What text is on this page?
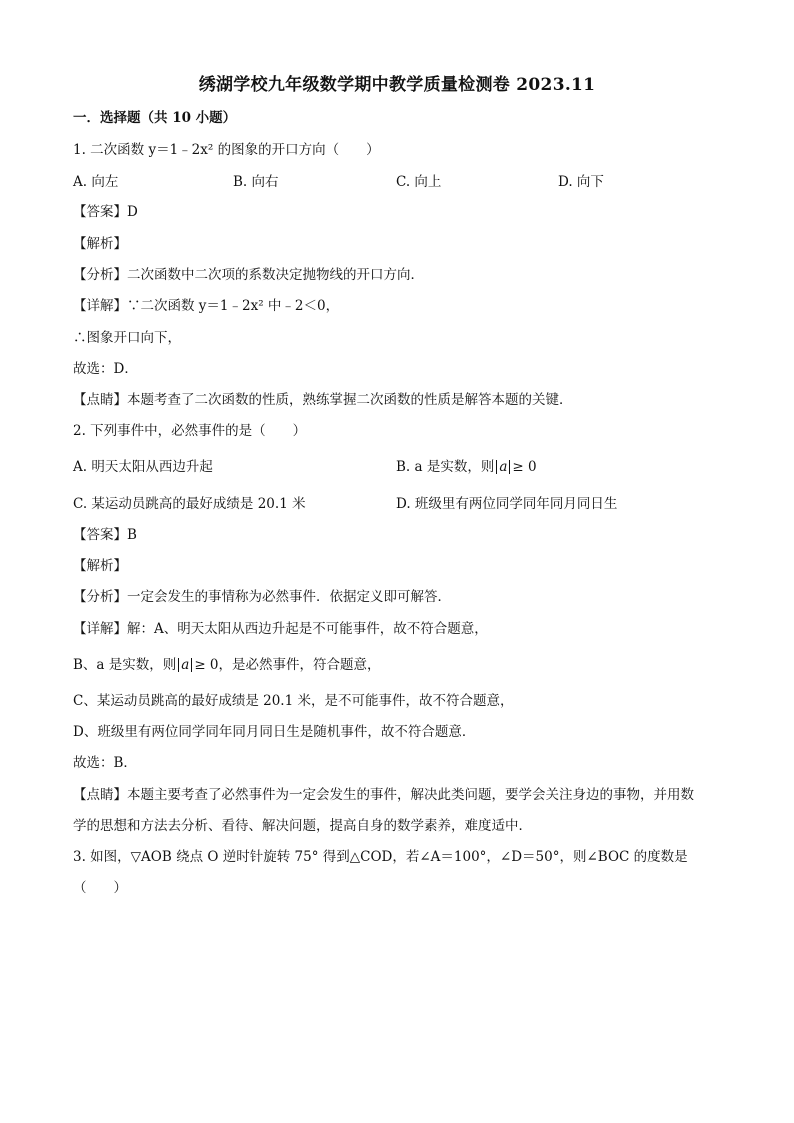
绣湖学校九年级数学期中教学质量检测卷 2023.11
一．选择题（共 10 小题）
1. 二次函数 y＝1﹣2x² 的图象的开口方向（　　）
A. 向左	B. 向右	C. 向上	D. 向下
【答案】D
【解析】
【分析】二次函数中二次项的系数决定抛物线的开口方向．
【详解】∵二次函数 y＝1﹣2x² 中﹣2＜0，
∴图象开口向下，
故选：D．
【点睛】本题考查了二次函数的性质，熟练掌握二次函数的性质是解答本题的关键．
2. 下列事件中，必然事件的是（　　）
A. 明天太阳从西边升起	B. a 是实数，则 a ≥ 0
C. 某运动员跳高的最好成绩是 20.1 米	D. 班级里有两位同学同年同月同日生
【答案】B
【解析】
【分析】一定会发生的事情称为必然事件．依据定义即可解答．
【详解】解：A、明天太阳从西边升起是不可能事件，故不符合题意，
B、a 是实数，则 a ≥ 0，是必然事件，符合题意，
C、某运动员跳高的最好成绩是 20.1 米，是不可能事件，故不符合题意，
D、班级里有两位同学同年同月同日生是随机事件，故不符合题意．
故选：B．
【点睛】本题主要考查了必然事件为一定会发生的事件，解决此类问题，要学会关注身边的事物，并用数
学的思想和方法去分析、看待、解决问题，提高自身的数学素养，难度适中．
3. 如图，▽AOB 绕点 O 逆时针旋转 75° 得到△COD，若∠A＝100°，∠D＝50°，则∠BOC 的度数是
（　　）
